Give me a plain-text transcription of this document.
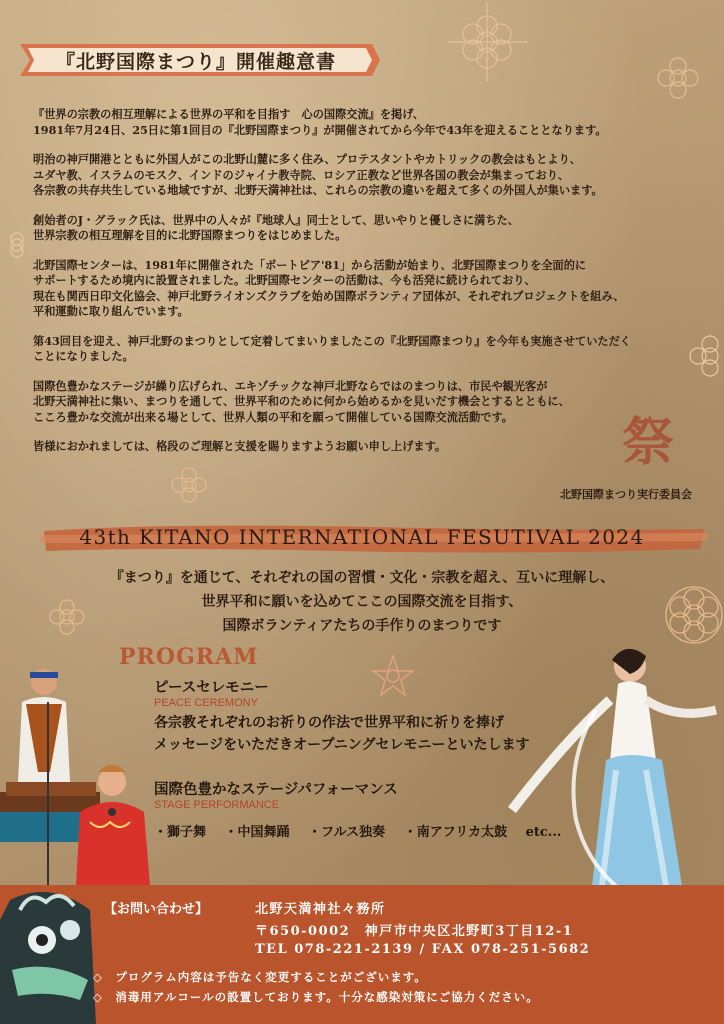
『北野国際まつり』開催趣意書

『世界の宗教の相互理解による世界の平和を目指す　心の国際交流』を掲げ、
1981年7月24日、25日に第1回目の『北野国際まつり』が開催されてから今年で43年を迎えることとなります。

明治の神戸開港とともに外国人がこの北野山麓に多く住み、プロテスタントやカトリックの教会はもとより、
ユダヤ教、イスラムのモスク、インドのジャイナ教寺院、ロシア正教など世界各国の教会が集まっており、
各宗教の共存共生している地域ですが、北野天満神社は、これらの宗教の違いを超えて多くの外国人が集います。

創始者のJ・グラック氏は、世界中の人々が『地球人』同士として、思いやりと優しさに満ちた、
世界宗教の相互理解を目的に北野国際まつりをはじめました。

北野国際センターは、1981年に開催された「ポートピア'81」から活動が始まり、北野国際まつりを全面的に
サポートするため境内に設置されました。北野国際センターの活動は、今も活発に続けられており、
現在も関西日印文化協会、神戸北野ライオンズクラブを始め国際ボランティア団体が、それぞれプロジェクトを組み、
平和運動に取り組んでいます。

第43回目を迎え、神戸北野のまつりとして定着してまいりましたこの『北野国際まつり』を今年も実施させていただく
ことになりました。

国際色豊かなステージが繰り広げられ、エキゾチックな神戸北野ならではのまつりは、市民や観光客が
北野天満神社に集い、まつりを通して、世界平和のために何から始めるかを見いだす機会とするとともに、
こころ豊かな交流が出来る場として、世界人類の平和を願って開催している国際交流活動です。

皆様におかれましては、格段のご理解と支援を賜りますようお願い申し上げます。	祭
北野国際まつり実行委員会
43th KITANO INTERNATIONAL FESUTIVAL 2024
『まつり』を通じて、それぞれの国の習慣・文化・宗教を超え、互いに理解し、
世界平和に願いを込めてここの国際交流を目指す、
国際ボランティアたちの手作りのまつりです
PROGRAM
ピースセレモニー
PEACE CEREMONY
各宗教それぞれのお祈りの作法で世界平和に祈りを捧げ
メッセージをいただきオープニングセレモニーといたします
国際色豊かなステージパフォーマンス
STAGE PERFORMANCE
・獅子舞 ・中国舞踊 ・フルス独奏 ・南アフリカ太鼓 etc...
【お問い合わせ】	北野天満神社々務所
〒650-0002　神戸市中央区北野町3丁目12-1
TEL 078-221-2139 / FAX 078-251-5682
◇　プログラム内容は予告なく変更することがございます。
◇　消毒用アルコールの設置しております。十分な感染対策にご協力ください。
